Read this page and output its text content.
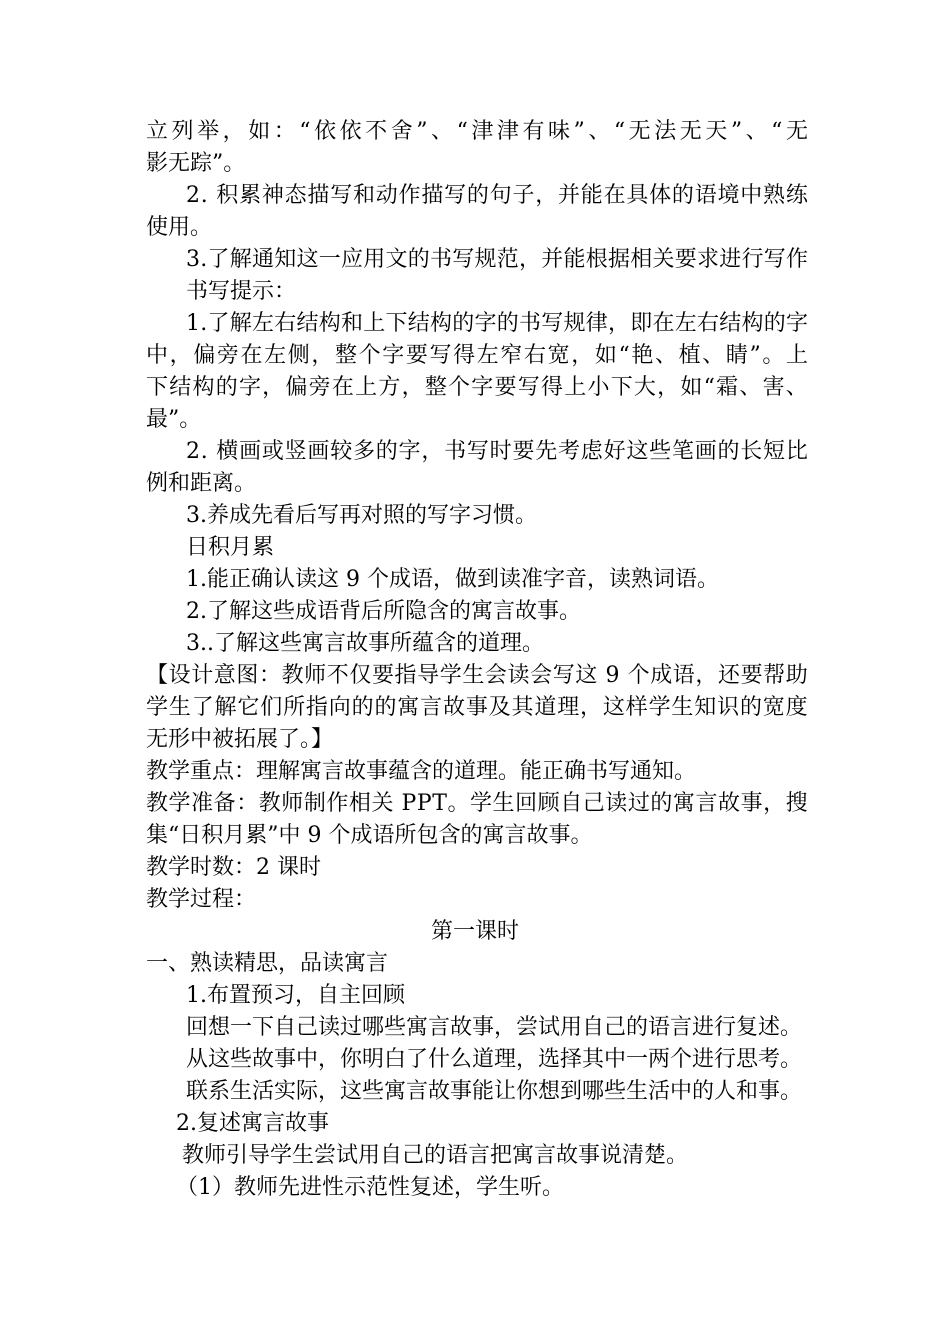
立 列 举 ， 如 ： “ 依 依 不 舍 ” 、 “ 津 津 有 味 ” 、 “ 无 法 无 天 ” 、 “ 无
影无踪”。
2 .
积 累 神 态 描 写 和 动 作 描 写 的 句 子 ， 并 能 在 具 体 的 语 境 中 熟 练
使用。
3 . 了 解 通 知 这 一 应 用 文 的 书 写 规 范 ， 并 能 根 据 相 关 要 求 进 行 写 作
书写提示：
1 . 了 解 左 右 结 构 和 上 下 结 构 的 字 的 书 写 规 律 ， 即 在 左 右 结 构 的 字
中 ， 偏 旁 在 左 侧 ， 整 个 字 要 写 得 左 窄 右 宽 ， 如 “ 艳 、 植 、 睛 ” 。 上
下 结 构 的 字 ， 偏 旁 在 上 方 ， 整 个 字 要 写 得 上 小 下 大 ， 如 “ 霜 、 害 、
最”。
2 .
横 画 或 竖 画 较 多 的 字 ， 书 写 时 要 先 考 虑 好 这 些 笔 画 的 长 短 比
例和距离。
3.养成先看后写再对照的写字习惯。
日积月累
1.能正确认读这 9 个成语，做到读准字音，读熟词语。
2.了解这些成语背后所隐含的寓言故事。
3..了解这些寓言故事所蕴含的道理。
【 设 计 意 图 ： 教 师 不 仅 要 指 导 学 生 会 读 会 写 这
9
个 成 语 ， 还 要 帮 助
学 生 了 解 它 们 所 指 向 的 的 寓 言 故 事 及 其 道 理 ， 这 样 学 生 知 识 的 宽 度
无形中被拓展了。】
教学重点：理解寓言故事蕴含的道理。能正确书写通知。
教 学 准 备 ： 教 师 制 作 相 关
P P T 。 学 生 回 顾 自 己 读 过 的 寓 言 故 事 ， 搜
集“日积月累”中 9 个成语所包含的寓言故事。
教学时数：2 课时
教学过程：
第一课时
一、熟读精思，品读寓言
1.布置预习，自主回顾
回想一下自己读过哪些寓言故事，尝试用自己的语言进行复述。
从这些故事中，你明白了什么道理，选择其中一两个进行思考。
联系生活实际，这些寓言故事能让你想到哪些生活中的人和事。
2.复述寓言故事
教师引导学生尝试用自己的语言把寓言故事说清楚。
（1）教师先进性示范性复述，学生听。
